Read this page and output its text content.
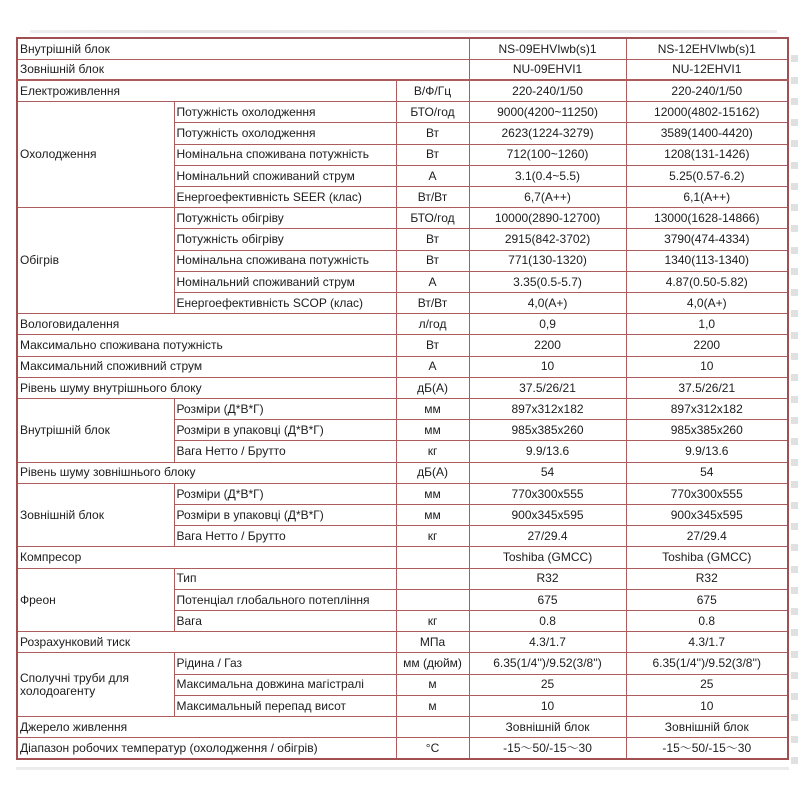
Внутрішній блок			NS-09EHVIwb(s)1	NS-12EHVIwb(s)1
Зовнішній блок			NU-09EHVI1	NU-12EHVI1
Електроживлення		В/Ф/Гц	220-240/1/50	220-240/1/50
Охолодження	Потужність охолодження	БТО/год	9000(4200~11250)	12000(4802-15162)
	Потужність охолодження	Вт	2623(1224-3279)	3589(1400-4420)
	Номінальна споживана потужність	Вт	712(100~1260)	1208(131-1426)
	Номінальний споживаний струм	А	3.1(0.4~5.5)	5.25(0.57-6.2)
	Енергоефективність SEER (клас)	Вт/Вт	6,7(A++)	6,1(A++)
Обігрів	Потужність обігріву	БТО/год	10000(2890-12700)	13000(1628-14866)
	Потужність обігріву	Вт	2915(842-3702)	3790(474-4334)
	Номінальна споживана потужність	Вт	771(130-1320)	1340(113-1340)
	Номінальний споживаний струм	А	3.35(0.5-5.7)	4.87(0.50-5.82)
	Енергоефективність SCOP (клас)	Вт/Вт	4,0(A+)	4,0(A+)
Вологовидалення		л/год	0,9	1,0
Максимально споживана потужність		Вт	2200	2200
Максимальний споживний струм		А	10	10
Рівень шуму внутрішнього блоку		дБ(А)	37.5/26/21	37.5/26/21
Внутрішній блок	Розміри (Д*В*Г)	мм	897x312x182	897x312x182
	Розміри в упаковці (Д*В*Г)	мм	985x385x260	985x385x260
	Вага Нетто / Брутто	кг	9.9/13.6	9.9/13.6
Рівень шуму зовнішнього блоку		дБ(А)	54	54
Зовнішній блок	Розміри (Д*В*Г)	мм	770x300x555	770x300x555
	Розміри в упаковці (Д*В*Г)	мм	900x345x595	900x345x595
	Вага Нетто / Брутто	кг	27/29.4	27/29.4
Компресор			Toshiba (GMCC)	Toshiba (GMCC)
Фреон	Тип		R32	R32
	Потенціал глобального потепління		675	675
	Вага	кг	0.8	0.8
Розрахунковий тиск		МПа	4.3/1.7	4.3/1.7
Сполучні труби для холодоагенту	Рідина / Газ	мм (дюйм)	6.35(1/4'')/9.52(3/8'')	6.35(1/4'')/9.52(3/8'')
	Максимальна довжина магістралі	м	25	25
	Максимальный перепад висот	м	10	10
Джерело живлення			Зовнішній блок	Зовнішній блок
Діапазон робочих температур (охолодження / обігрів)		°С	-15～50/-15～30	-15～50/-15～30
